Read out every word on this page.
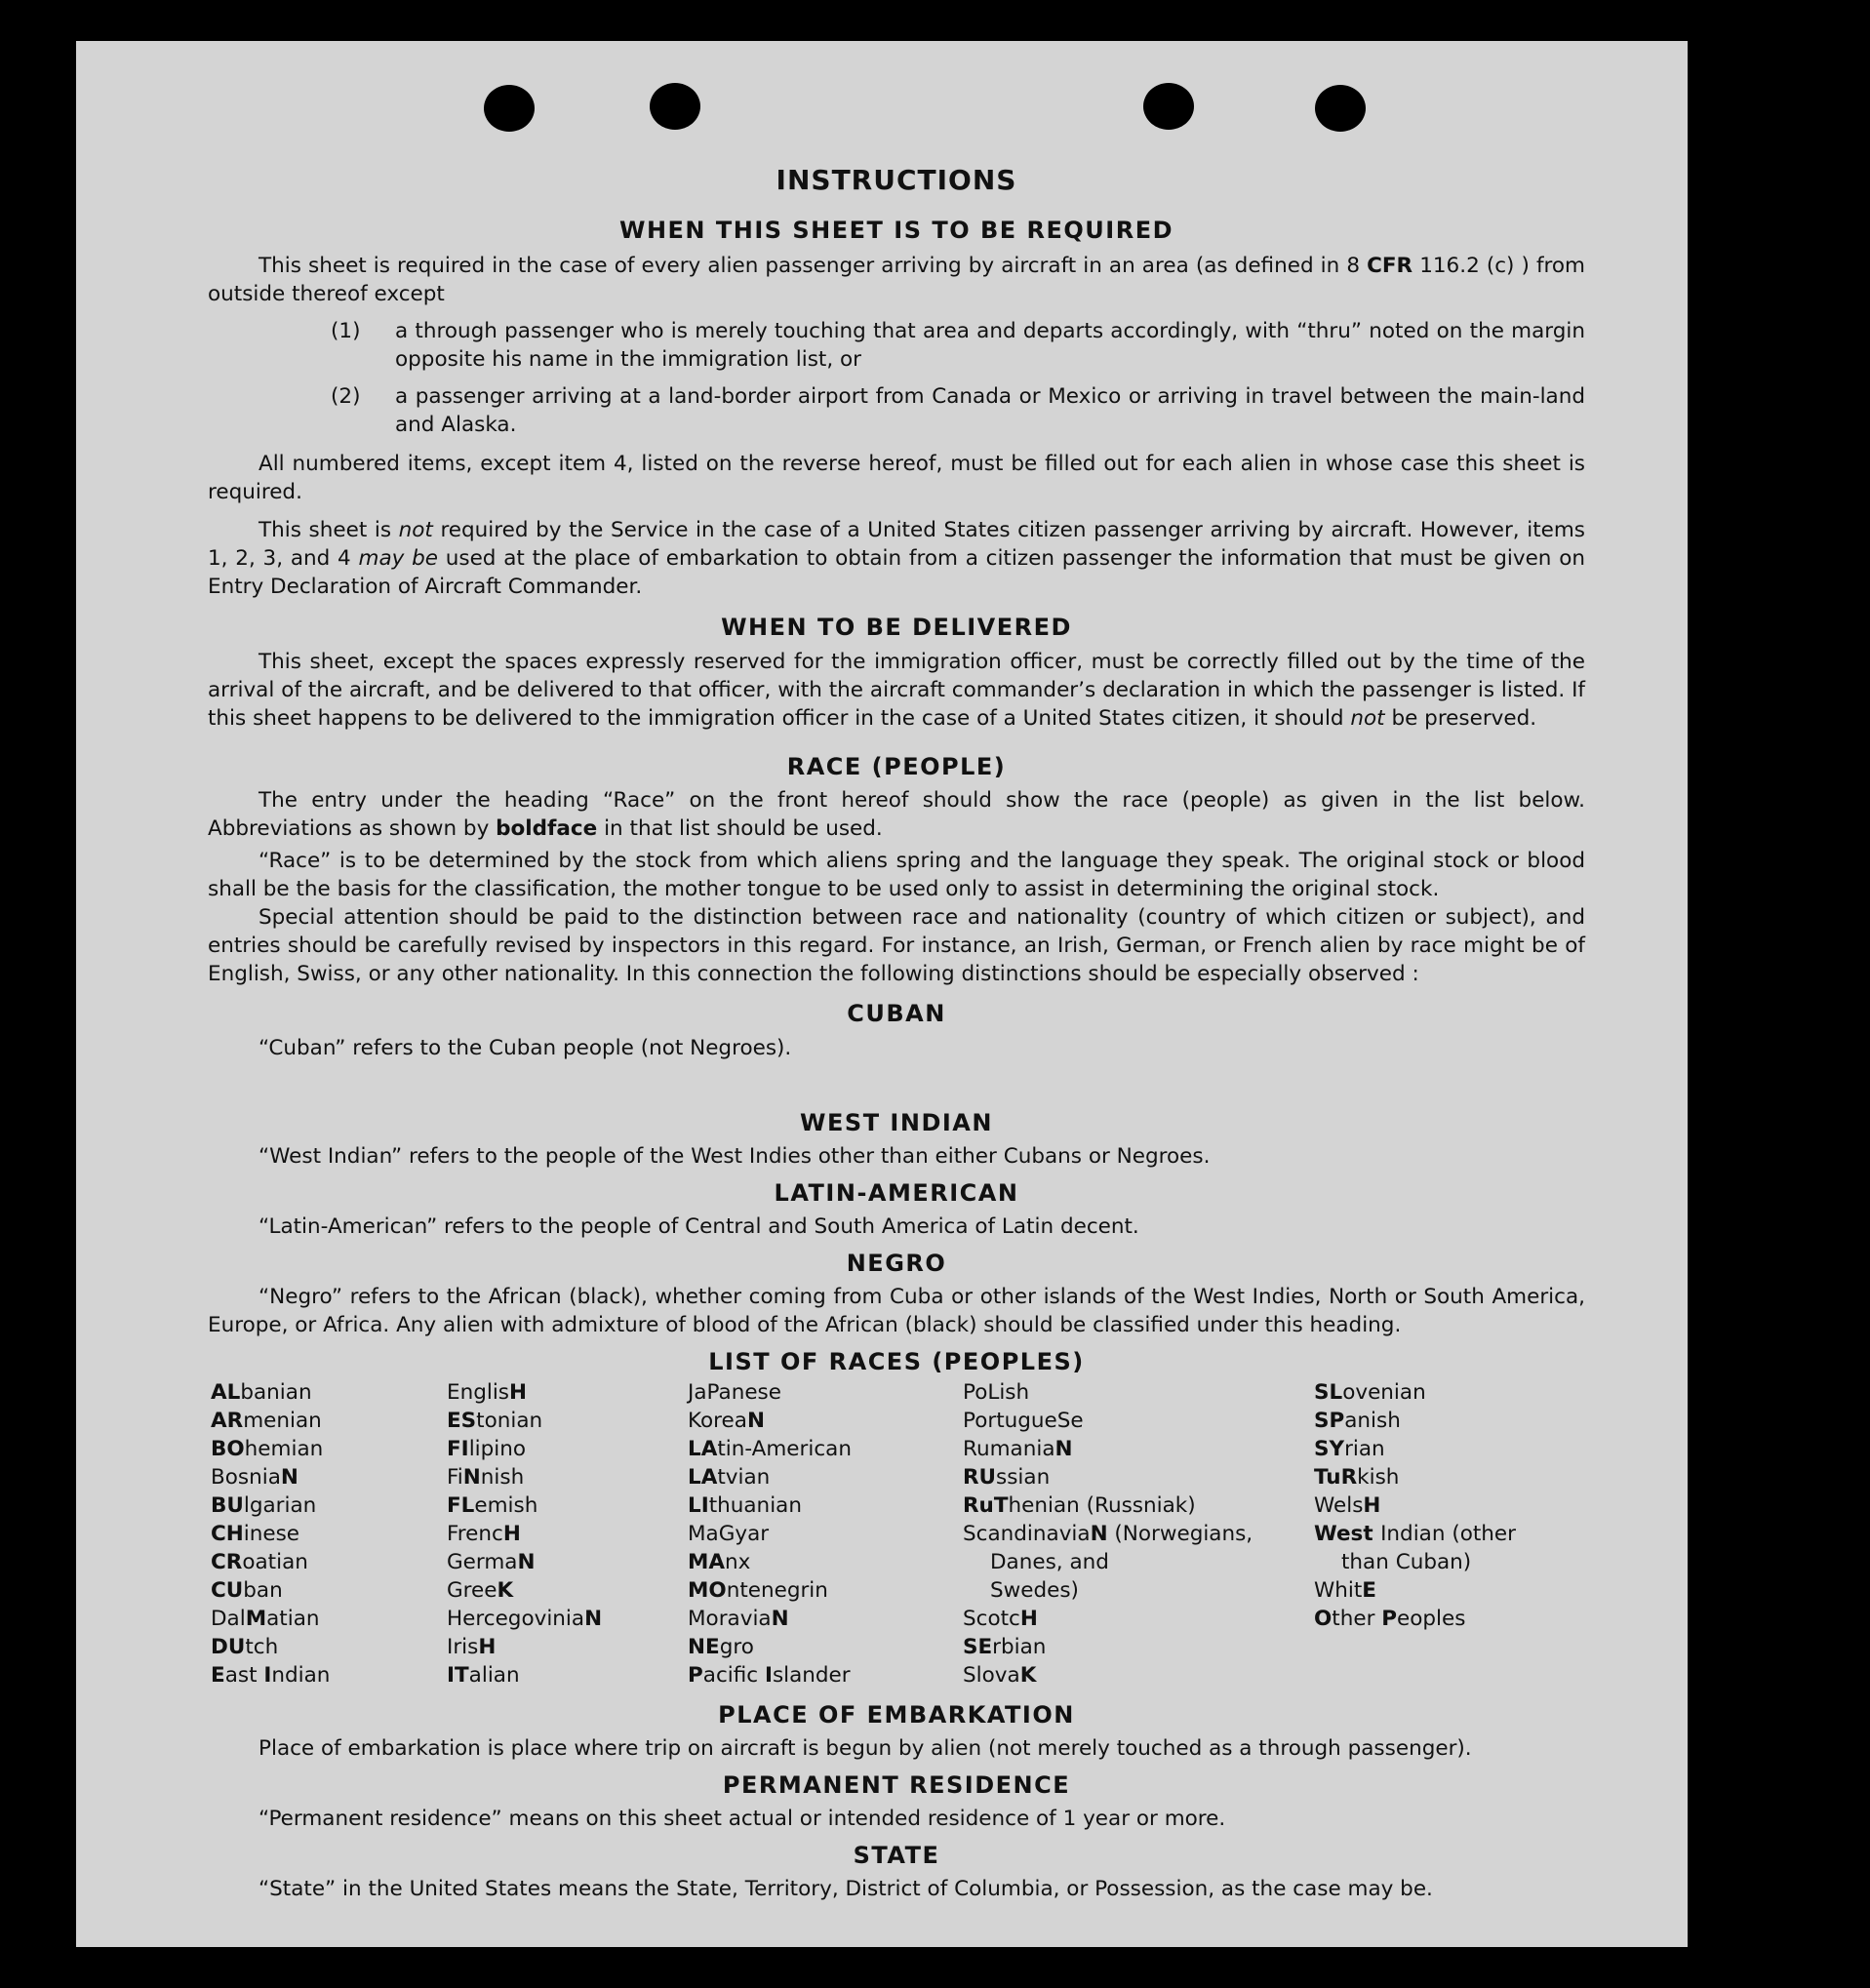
INSTRUCTIONS
WHEN THIS SHEET IS TO BE REQUIRED
This sheet is required in the case of every alien passenger arriving by aircraft in an area (as defined in 8 CFR 116.2 (c) ) from outside thereof except
(1) a through passenger who is merely touching that area and departs accordingly, with “thru” noted on the margin opposite his name in the immigration list, or
(2) a passenger arriving at a land-border airport from Canada or Mexico or arriving in travel between the main-land and Alaska.
All numbered items, except item 4, listed on the reverse hereof, must be filled out for each alien in whose case this sheet is required.
This sheet is not required by the Service in the case of a United States citizen passenger arriving by aircraft. However, items 1, 2, 3, and 4 may be used at the place of embarkation to obtain from a citizen passenger the information that must be given on Entry Declaration of Aircraft Commander.
WHEN TO BE DELIVERED
This sheet, except the spaces expressly reserved for the immigration officer, must be correctly filled out by the time of the arrival of the aircraft, and be delivered to that officer, with the aircraft commander’s declaration in which the passenger is listed. If this sheet happens to be delivered to the immigration officer in the case of a United States citizen, it should not be preserved.
RACE (PEOPLE)
The entry under the heading “Race” on the front hereof should show the race (people) as given in the list below. Abbreviations as shown by boldface in that list should be used.
“Race” is to be determined by the stock from which aliens spring and the language they speak. The original stock or blood shall be the basis for the classification, the mother tongue to be used only to assist in determining the original stock.
Special attention should be paid to the distinction between race and nationality (country of which citizen or subject), and entries should be carefully revised by inspectors in this regard. For instance, an Irish, German, or French alien by race might be of English, Swiss, or any other nationality. In this connection the following distinctions should be especially observed :
CUBAN
“Cuban” refers to the Cuban people (not Negroes).
WEST INDIAN
“West Indian” refers to the people of the West Indies other than either Cubans or Negroes.
LATIN-AMERICAN
“Latin-American” refers to the people of Central and South America of Latin decent.
NEGRO
“Negro” refers to the African (black), whether coming from Cuba or other islands of the West Indies, North or South America, Europe, or Africa. Any alien with admixture of blood of the African (black) should be classified under this heading.
LIST OF RACES (PEOPLES)
ALbanian
ARmenian
BOhemian
BosniaN
BUlgarian
CHinese
CRoatian
CUban
DalMatian
DUtch
East Indian
EnglisH
EStonian
FIlipino
FiNnish
FLemish
FrencH
GermaN
GreeK
HercegoviniaN
IrisH
ITalian
JaPanese
KoreaN
LAtin-American
LAtvian
LIthuanian
MaGyar
MAnx
MOntenegrin
MoraviaN
NEgro
Pacific Islander
PoLish
PortugueSe
RumaniaN
RUssian
RuThenian (Russniak)
ScandinaviaN (Norwegians,
Danes, and
Swedes)
ScotcH
SErbian
SlovaK
SLovenian
SPanish
SYrian
TuRkish
WelsH
West Indian (other
than Cuban)
WhitE
Other Peoples
PLACE OF EMBARKATION
Place of embarkation is place where trip on aircraft is begun by alien (not merely touched as a through passenger).
PERMANENT RESIDENCE
“Permanent residence” means on this sheet actual or intended residence of 1 year or more.
STATE
“State” in the United States means the State, Territory, District of Columbia, or Possession, as the case may be.
